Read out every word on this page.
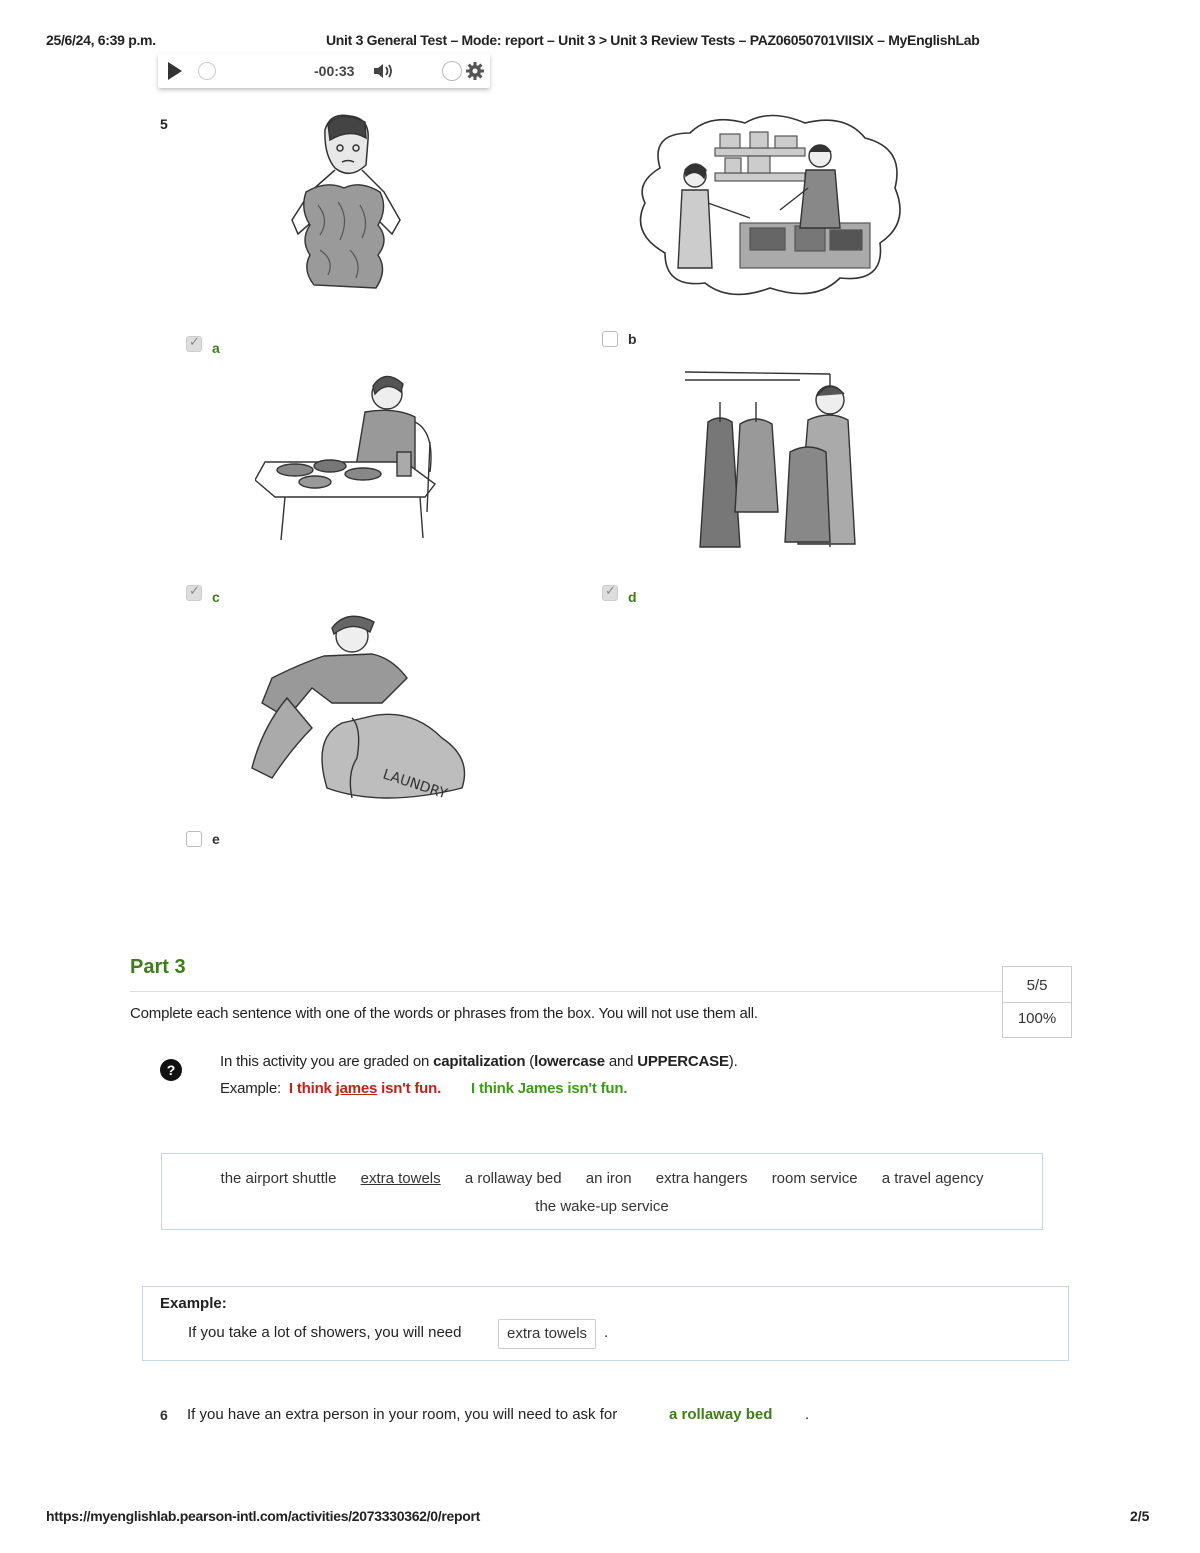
25/6/24, 6:39 p.m.	Unit 3 General Test – Mode: report – Unit 3 > Unit 3 Review Tests – PAZ06050701VIISIX – MyEnglishLab
-00:33
5
✓
a
b
✓
c
✓	d
LAUNDRY
e
Part 3
5/5
100%
Complete each sentence with one of the words or phrases from the box. You will not use them all.
?	In this activity you are graded on capitalization (lowercase and UPPERCASE).
Example: I think james isn't fun. I think James isn't fun.
the airport shuttle extra towels a rollaway bed an iron extra hangers room service a travel agency
the wake-up service
Example:
If you take a lot of showers, you will need	extra towels	.
6 If you have an extra person in your room, you will need to ask for	a rollaway bed .
https://myenglishlab.pearson-intl.com/activities/2073330362/0/report	2/5
